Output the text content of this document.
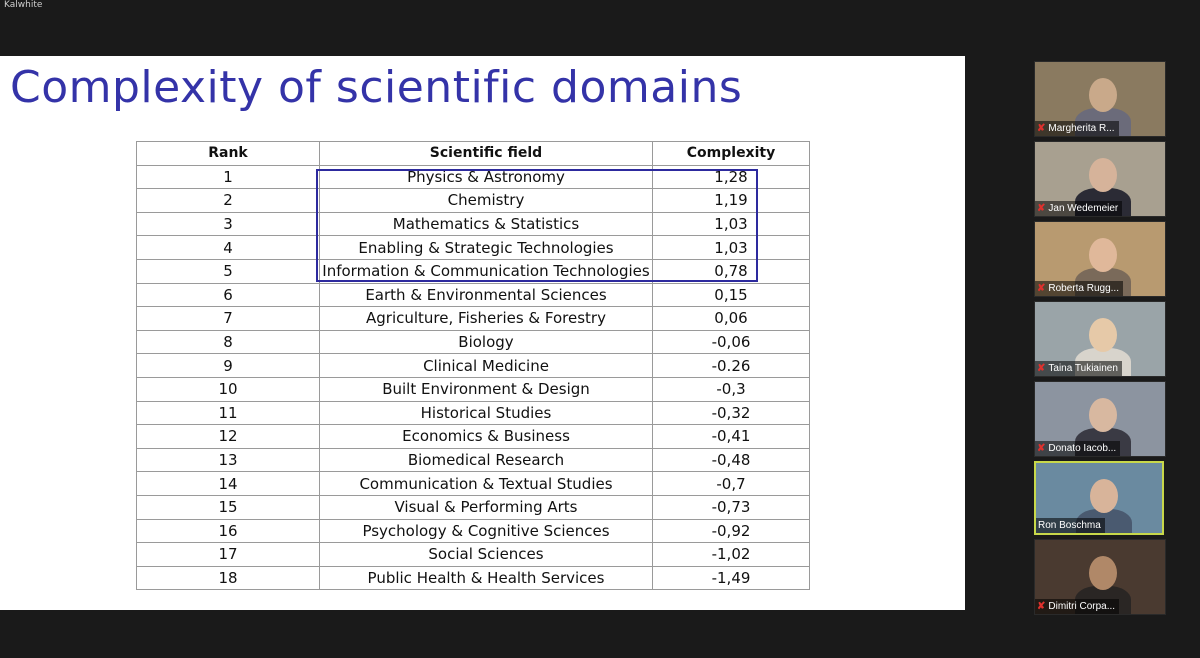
Kalwhite
Complexity of scientific domains
Rank	Scientific field	Complexity
1	Physics & Astronomy	1,28
2	Chemistry	1,19
3	Mathematics & Statistics	1,03
4	Enabling & Strategic Technologies	1,03
5	Information & Communication Technologies	0,78
6	Earth & Environmental Sciences	0,15
7	Agriculture, Fisheries & Forestry	0,06
8	Biology	-0,06
9	Clinical Medicine	-0.26
10	Built Environment & Design	-0,3
11	Historical Studies	-0,32
12	Economics & Business	-0,41
13	Biomedical Research	-0,48
14	Communication & Textual Studies	-0,7
15	Visual & Performing Arts	-0,73
16	Psychology & Cognitive Sciences	-0,92
17	Social Sciences	-1,02
18	Public Health & Health Services	-1,49
✘ Margherita R...
✘ Jan Wedemeier
✘ Roberta Rugg...
✘ Taina Tukiainen
✘ Donato Iacob...
Ron Boschma
✘ Dimitri Corpa...
